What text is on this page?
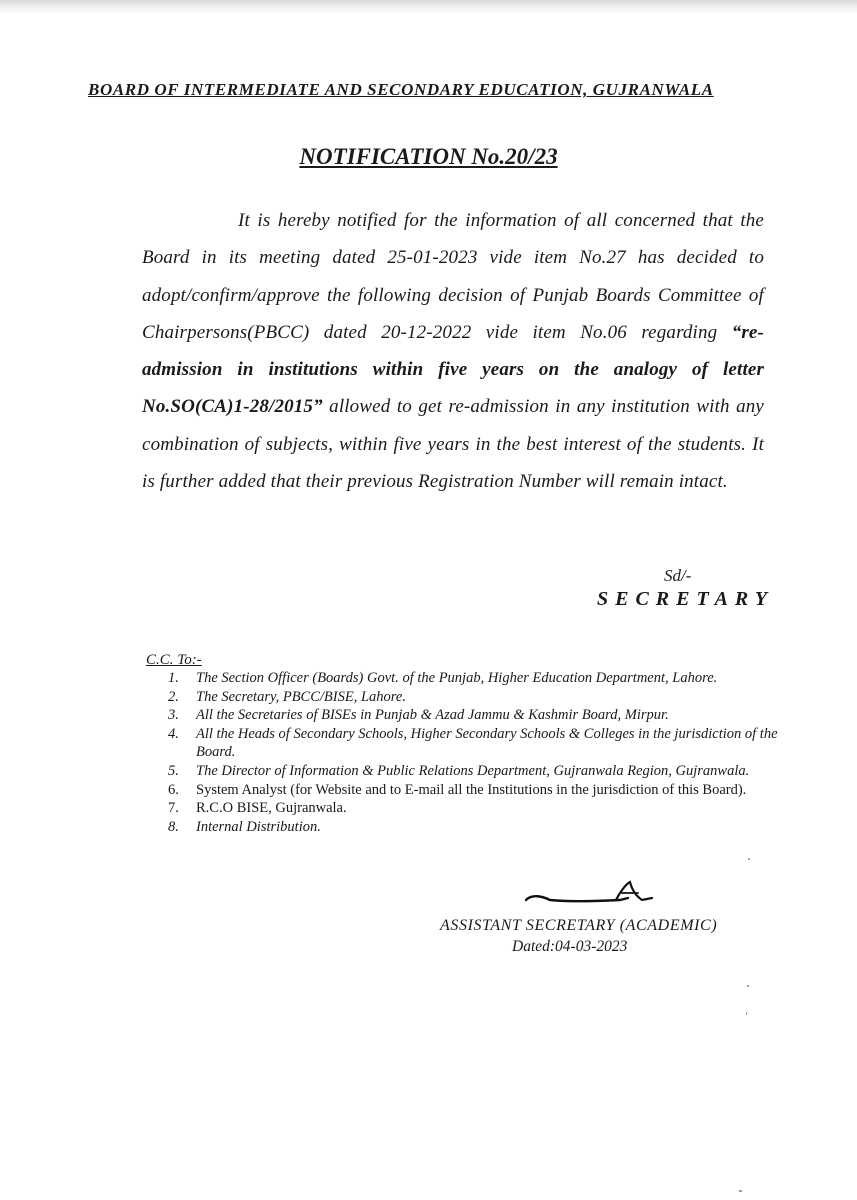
BOARD OF INTERMEDIATE AND SECONDARY EDUCATION, GUJRANWALA
NOTIFICATION No.20/23
It is hereby notified for the information of all concerned that the Board in its meeting dated 25-01-2023 vide item No.27 has decided to adopt/confirm/approve the following decision of Punjab Boards Committee of Chairpersons(PBCC) dated 20-12-2022 vide item No.06 regarding “re-admission in institutions within five years on the analogy of letter No.SO(CA)1-28/2015” allowed to get re-admission in any institution with any combination of subjects, within five years in the best interest of the students. It is further added that their previous Registration Number will remain intact.
Sd/-
SECRETARY
C.C. To:-
1.	The Section Officer (Boards) Govt. of the Punjab, Higher Education Department, Lahore.
2.	The Secretary, PBCC/BISE, Lahore.
3.	All the Secretaries of BISEs in Punjab & Azad Jammu & Kashmir Board, Mirpur.
4.	All the Heads of Secondary Schools, Higher Secondary Schools & Colleges in the jurisdiction of the Board.
5.	The Director of Information & Public Relations Department, Gujranwala Region, Gujranwala.
6.	System Analyst (for Website and to E-mail all the Institutions in the jurisdiction of this Board).
7.	R.C.O BISE, Gujranwala.
8.	Internal Distribution.
ASSISTANT SECRETARY (ACADEMIC)
Dated:04-03-2023
